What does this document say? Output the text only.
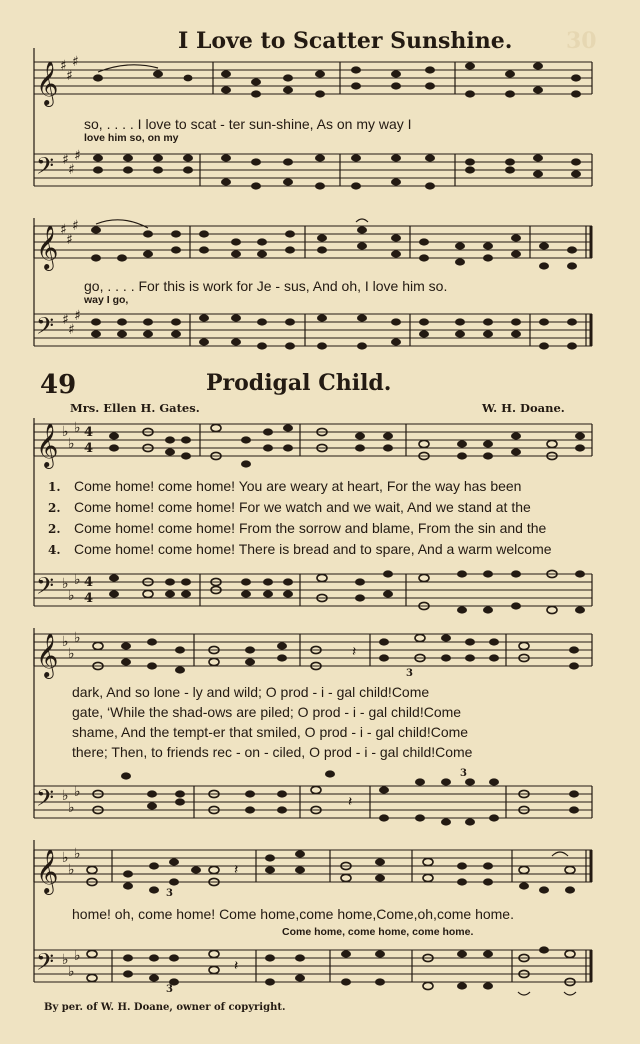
30
I Love to Scatter Sunshine.
𝄞 ♯
♯
♯
so, . . . . I love to scat - ter sun-shine, As on my way I
love him so, on my
𝄢 ♯
♯
♯
𝄞 ♯
♯
♯
go, . . . . For this is work for Je - sus, And oh, I love him so.
way I go,
𝄢 ♯
♯
♯
49	Prodigal Child.
Mrs. Ellen H. Gates.	W. H. Doane.
𝄞 ♭
♭
♭ 4
4
1. Come home! come home! You are weary at heart, For the way has been
2. Come home! come home! For we watch and we wait, And we stand at the
2. Come home! come home! From the sorrow and blame, From the sin and the
4. Come home! come home! There is bread and to spare, And a warm welcome
𝄢 ♭
♭
♭ 4
4
𝄞 ♭
♭
♭
𝄽
3
dark, And so lone - ly and wild; O prod - i - gal child!Come
gate, ‘While the shad-ows are piled; O prod - i - gal child!Come
shame, And the tempt-er that smiled, O prod - i - gal child!Come
there; Then, to friends rec - on - ciled, O prod - i - gal child!Come
𝄢 ♭
♭
♭
𝄽
3
𝄞 ♭
♭
♭
𝄽
3
home! oh, come home! Come home,come home,Come,oh,come home.
Come home, come home, come home.
𝄢 ♭
♭
♭
𝄽
3
By per. of W. H. Doane, owner of copyright.
